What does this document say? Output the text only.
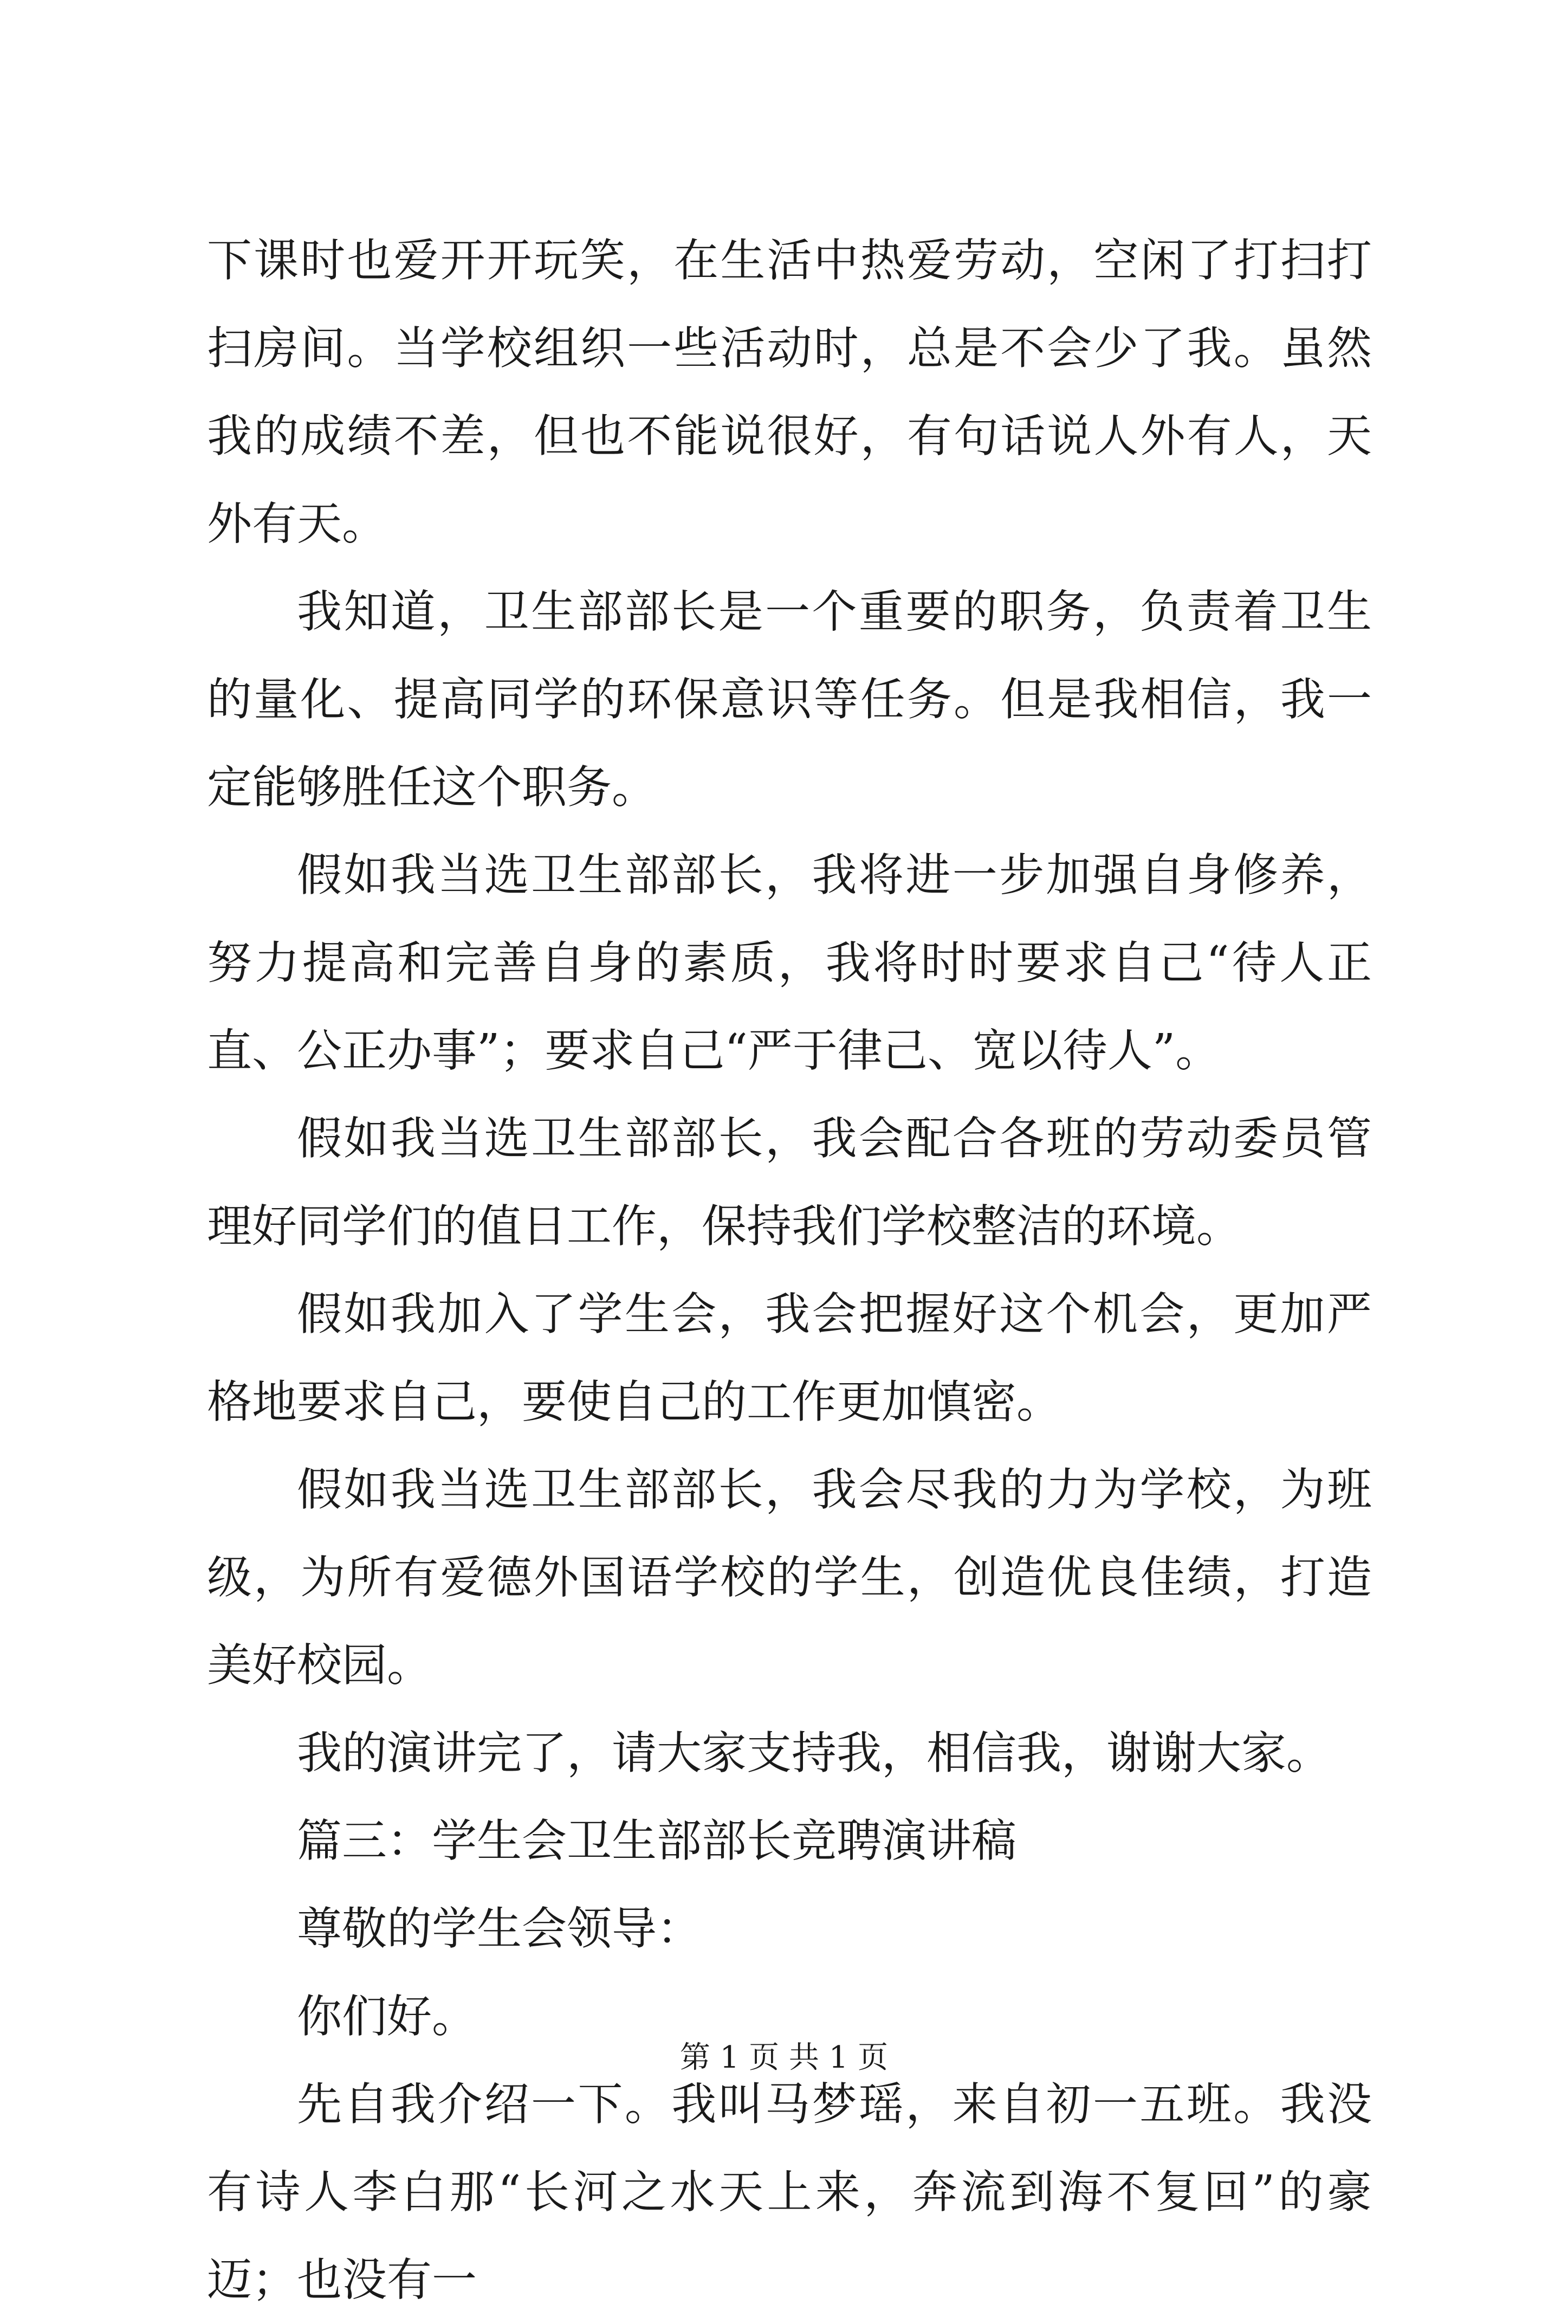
下课时也爱开开玩笑，在生活中热爱劳动，空闲了打扫打扫房间。当学校组织一些活动时，总是不会少了我。虽然我的成绩不差，但也不能说很好，有句话说人外有人，天外有天。

我知道，卫生部部长是一个重要的职务，负责着卫生的量化、提高同学的环保意识等任务。但是我相信，我一定能够胜任这个职务。

假如我当选卫生部部长，我将进一步加强自身修养，努力提高和完善自身的素质，我将时时要求自己“待人正直、公正办事”；要求自己“严于律己、宽以待人”。

假如我当选卫生部部长，我会配合各班的劳动委员管理好同学们的值日工作，保持我们学校整洁的环境。

假如我加入了学生会，我会把握好这个机会，更加严格地要求自己，要使自己的工作更加慎密。

假如我当选卫生部部长，我会尽我的力为学校，为班级，为所有爱德外国语学校的学生，创造优良佳绩，打造美好校园。

我的演讲完了，请大家支持我，相信我，谢谢大家。

篇三：学生会卫生部部长竞聘演讲稿

尊敬的学生会领导：

你们好。

先自我介绍一下。我叫马梦瑶，来自初一五班。我没有诗人李白那“长河之水天上来，奔流到海不复回”的豪迈；也没有一

第 1 页 共 1 页
